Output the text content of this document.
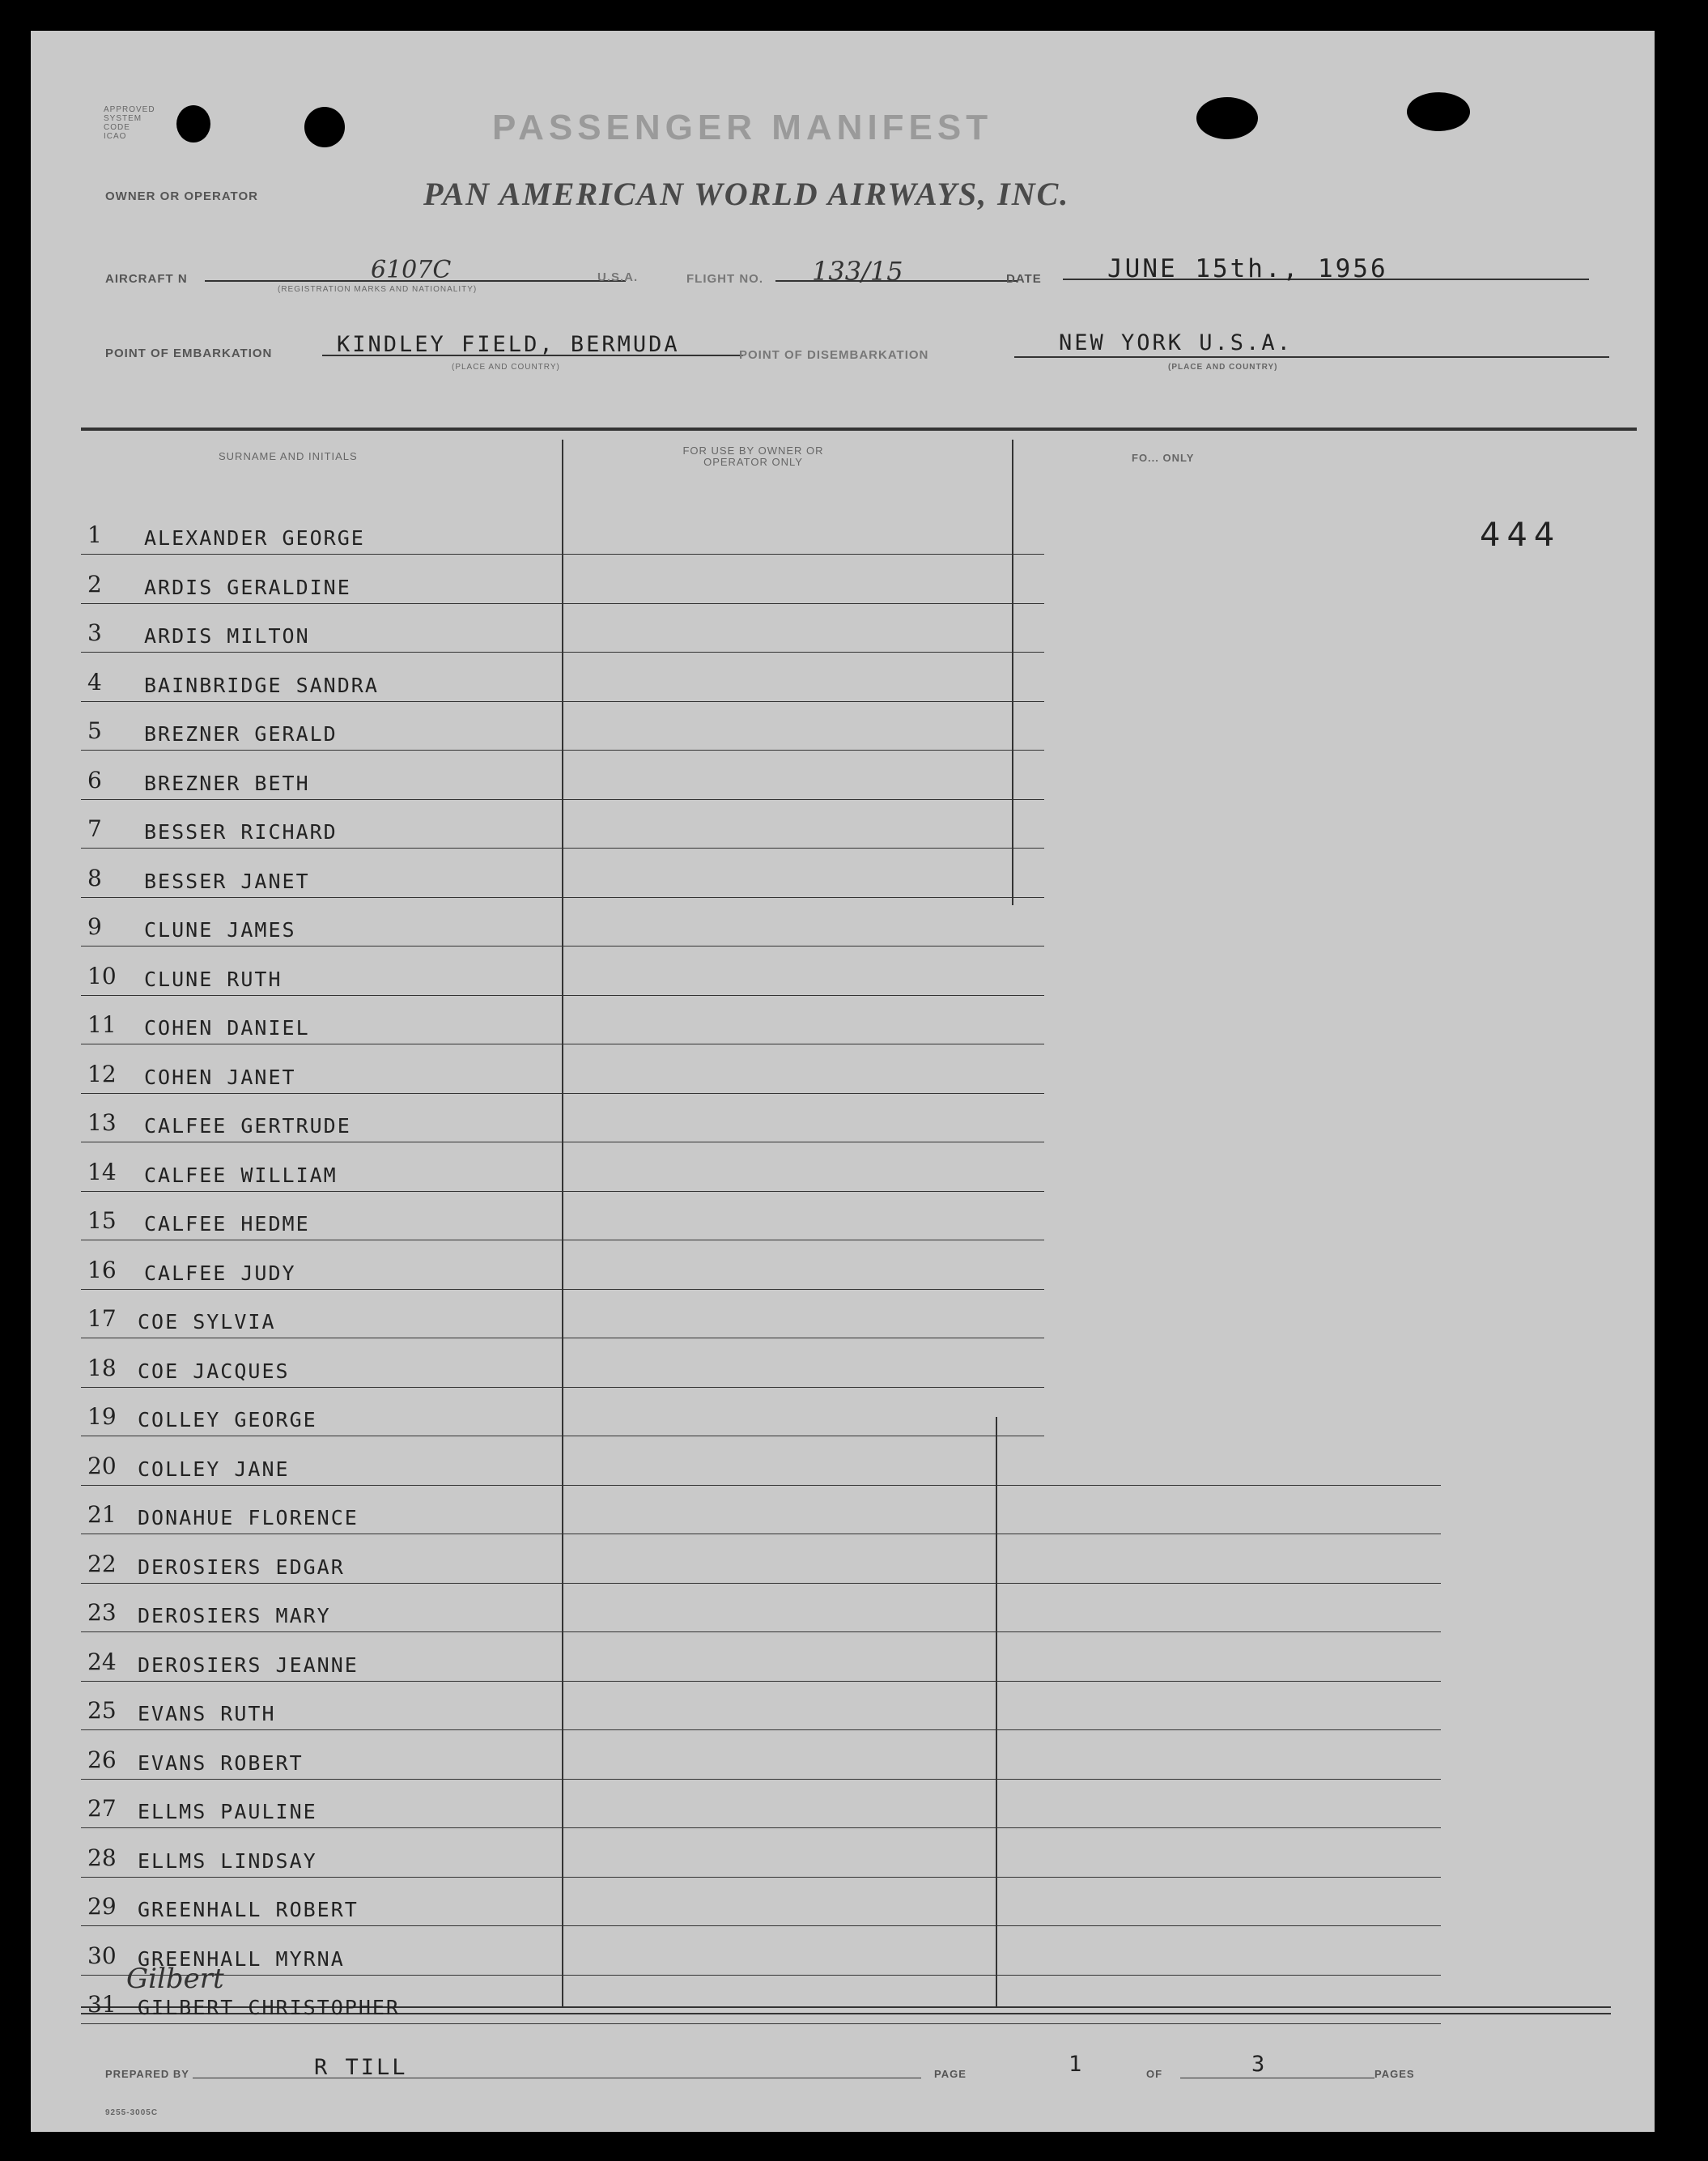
APPROVED SYSTEM CODE ICAO	PASSENGER MANIFEST
OWNER OR OPERATOR	PAN AMERICAN WORLD AIRWAYS, INC.
AIRCRAFT N	6107C
(REGISTRATION MARKS AND NATIONALITY)
U.S.A.	FLIGHT NO. 133/15	DATE	JUNE 15th., 1956
POINT OF EMBARKATION	KINDLEY FIELD, BERMUDA
(PLACE AND COUNTRY)
POINT OF DISEMBARKATION	NEW YORK U.S.A.
(PLACE AND COUNTRY)
SURNAME AND INITIALS	FOR USE BY OWNER OR OPERATOR ONLY	FO... ONLY
444
1 ALEXANDER GEORGE
2 ARDIS GERALDINE
3 ARDIS MILTON
4 BAINBRIDGE SANDRA
5 BREZNER GERALD
6 BREZNER BETH
7 BESSER RICHARD
8 BESSER JANET
9 CLUNE JAMES
10 CLUNE RUTH
11 COHEN DANIEL
12 COHEN JANET
13 CALFEE GERTRUDE
14 CALFEE WILLIAM
15 CALFEE HEDME
16 CALFEE JUDY
17 COE SYLVIA
18 COE JACQUES
19 COLLEY GEORGE
20 COLLEY JANE
21 DONAHUE FLORENCE
22 DEROSIERS EDGAR
23 DEROSIERS MARY
24 DEROSIERS JEANNE
25 EVANS RUTH
26 EVANS ROBERT
27 ELLMS PAULINE
28 ELLMS LINDSAY
29 GREENHALL ROBERT
30 GREENHALL MYRNA
31 GILBERT CHRISTOPHER
Gilbert
PREPARED BY	R TILL	PAGE	1	OF	3	PAGES
9255-3005C
